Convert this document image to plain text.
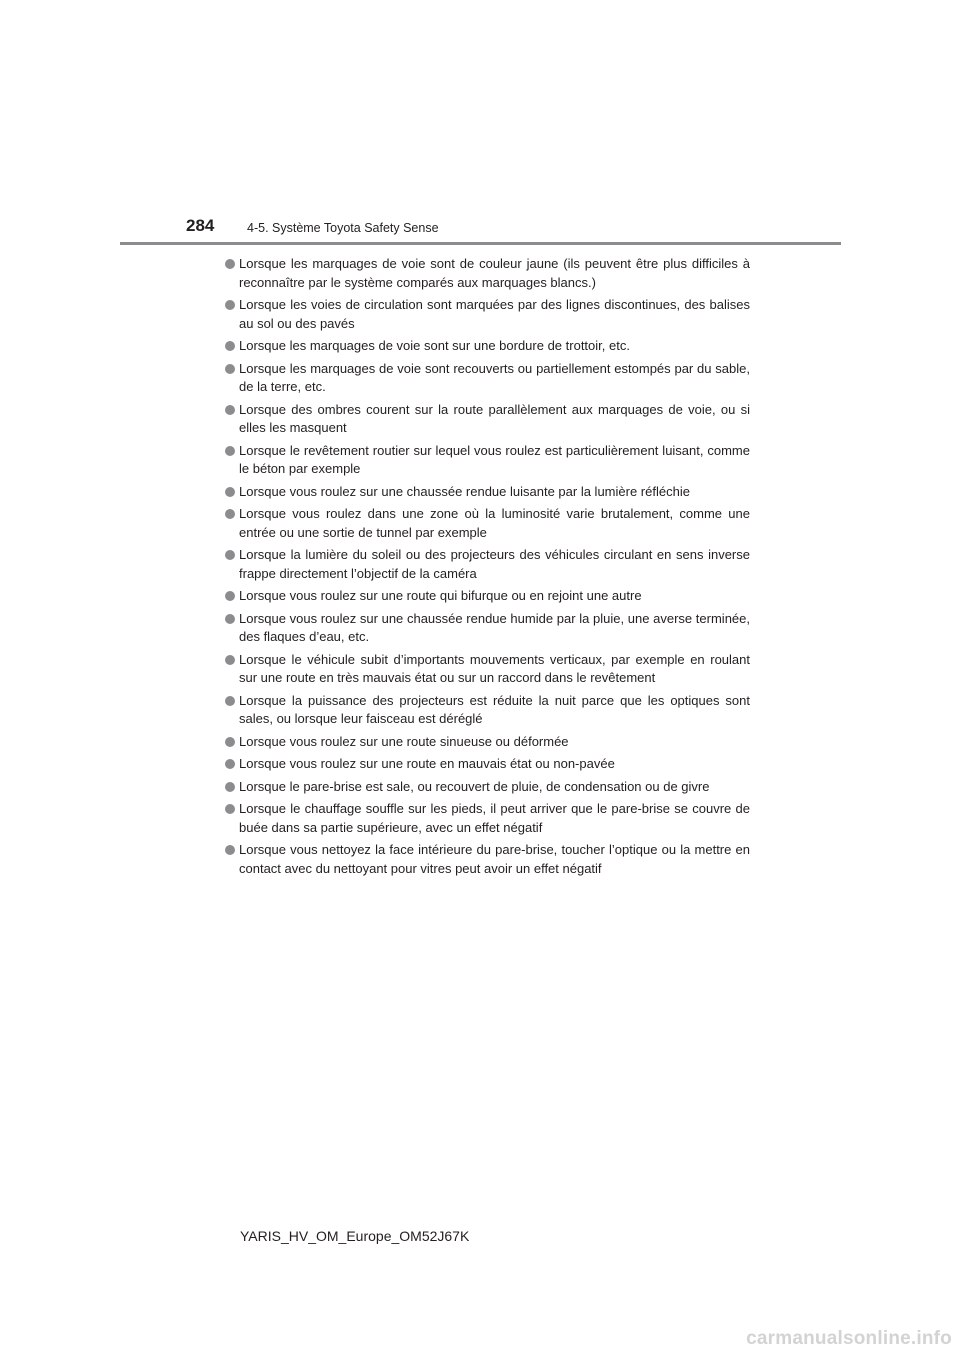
284	4-5. Système Toyota Safety Sense
Lorsque les marquages de voie sont de couleur jaune (ils peuvent être plus difficiles à reconnaître par le système comparés aux marquages blancs.)
Lorsque les voies de circulation sont marquées par des lignes discontinues, des balises au sol ou des pavés
Lorsque les marquages de voie sont sur une bordure de trottoir, etc.
Lorsque les marquages de voie sont recouverts ou partiellement estompés par du sable, de la terre, etc.
Lorsque des ombres courent sur la route parallèlement aux marquages de voie, ou si elles les masquent
Lorsque le revêtement routier sur lequel vous roulez est particulièrement luisant, comme le béton par exemple
Lorsque vous roulez sur une chaussée rendue luisante par la lumière réfléchie
Lorsque vous roulez dans une zone où la luminosité varie brutalement, comme une entrée ou une sortie de tunnel par exemple
Lorsque la lumière du soleil ou des projecteurs des véhicules circulant en sens inverse frappe directement l’objectif de la caméra
Lorsque vous roulez sur une route qui bifurque ou en rejoint une autre
Lorsque vous roulez sur une chaussée rendue humide par la pluie, une averse terminée, des flaques d’eau, etc.
Lorsque le véhicule subit d’importants mouvements verticaux, par exemple en roulant sur une route en très mauvais état ou sur un raccord dans le revêtement
Lorsque la puissance des projecteurs est réduite la nuit parce que les optiques sont sales, ou lorsque leur faisceau est déréglé
Lorsque vous roulez sur une route sinueuse ou déformée
Lorsque vous roulez sur une route en mauvais état ou non-pavée
Lorsque le pare-brise est sale, ou recouvert de pluie, de condensation ou de givre
Lorsque le chauffage souffle sur les pieds, il peut arriver que le pare-brise se couvre de buée dans sa partie supérieure, avec un effet négatif
Lorsque vous nettoyez la face intérieure du pare-brise, toucher l’optique ou la mettre en contact avec du nettoyant pour vitres peut avoir un effet négatif
YARIS_HV_OM_Europe_OM52J67K
carmanualsonline.info
